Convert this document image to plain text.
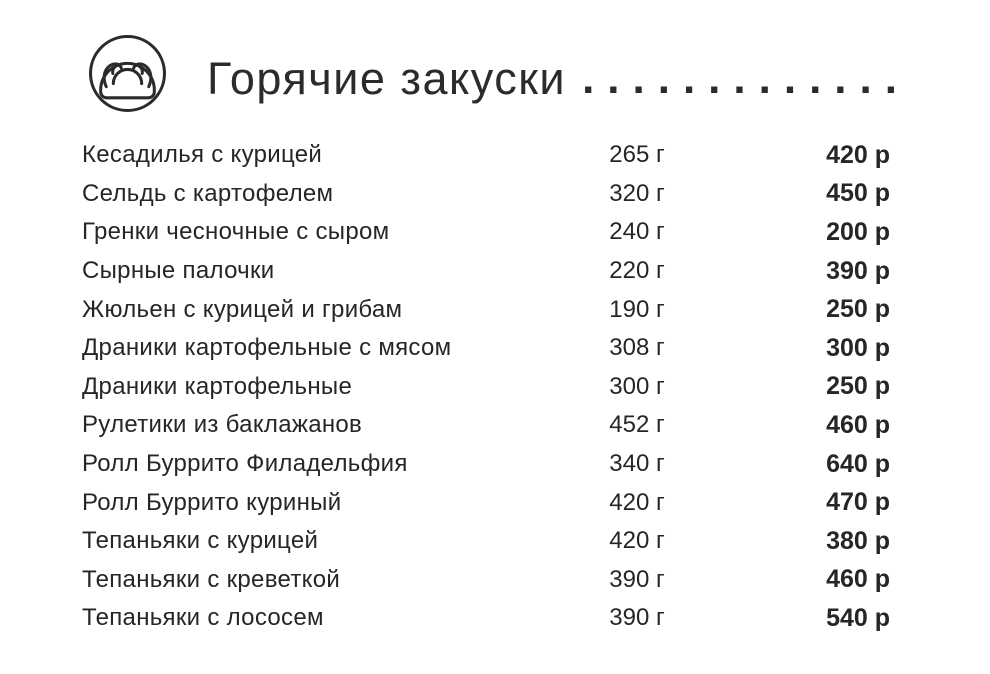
Горячие закуски .............
Кесадилья с курицей	265 г	420 р
Сельдь с картофелем	320 г	450 р
Гренки чесночные с сыром	240 г	200 р
Сырные палочки	220 г	390 р
Жюльен с курицей и грибам	190 г	250 р
Драники картофельные с мясом	308 г	300 р
Драники картофельные	300 г	250 р
Рулетики из баклажанов	452 г	460 р
Ролл Буррито Филадельфия	340 г	640 р
Ролл Буррито куриный	420 г	470 р
Тепаньяки с курицей	420 г	380 р
Тепаньяки с креветкой	390 г	460 р
Тепаньяки с лососем	390 г	540 р
